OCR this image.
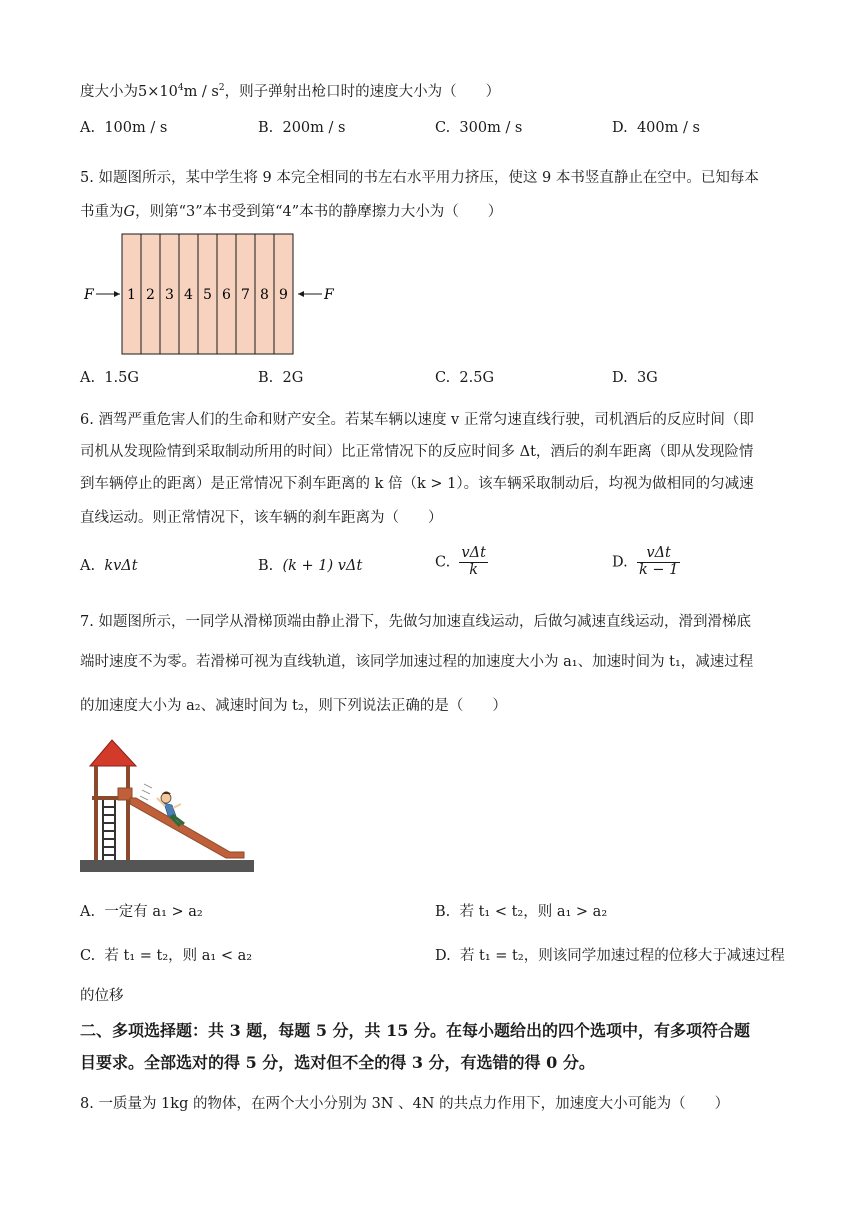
度大小为$5\times 10^4m / s^2$，则子弹射出枪口时的速度大小为（　　）
A. 100m / s	B. 200m / s	C. 300m / s	D. 400m / s
5. 如题图所示，某中学生将 9 本完全相同的书左右水平用力挤压，使这 9 本书竖直静止在空中。已知每本
书重为G，则第“3”本书受到第“4”本书的静摩擦力大小为（　　）
1 2 3 4 5 6 7 8 9
F	F
A. 1.5G	B. 2G	C. 2.5G	D. 3G
6. 酒驾严重危害人们的生命和财产安全。若某车辆以速度 v 正常匀速直线行驶，司机酒后的反应时间（即
司机从发现险情到采取制动所用的时间）比正常情况下的反应时间多 Δt，酒后的刹车距离（即从发现险情
到车辆停止的距离）是正常情况下刹车距离的 k 倍（k > 1）。该车辆采取制动后，均视为做相同的匀减速
直线运动。则正常情况下，该车辆的刹车距离为（　　）
A. kvΔt	B. (k + 1) vΔt	C. $\frac{\text{vΔt}}{k}$	D. $\frac{\text{vΔt}}{k - 1}$
7. 如题图所示，一同学从滑梯顶端由静止滑下，先做匀加速直线运动，后做匀减速直线运动，滑到滑梯底
端时速度不为零。若滑梯可视为直线轨道，该同学加速过程的加速度大小为 a₁、加速时间为 t₁，减速过程
的加速度大小为 a₂、减速时间为 t₂，则下列说法正确的是（　　）
A. 一定有 a₁ > a₂	B. 若 t₁ < t₂，则 a₁ > a₂
C. 若 t₁ = t₂，则 a₁ < a₂	D. 若 t₁ = t₂，则该同学加速过程的位移大于减速过程
的位移
二、多项选择题：共 3 题，每题 5 分，共 15 分。在每小题给出的四个选项中，有多项符合题
目要求。全部选对的得 5 分，选对但不全的得 3 分，有选错的得 0 分。
8. 一质量为 1kg 的物体，在两个大小分别为 3N 、4N 的共点力作用下，加速度大小可能为（　　）
